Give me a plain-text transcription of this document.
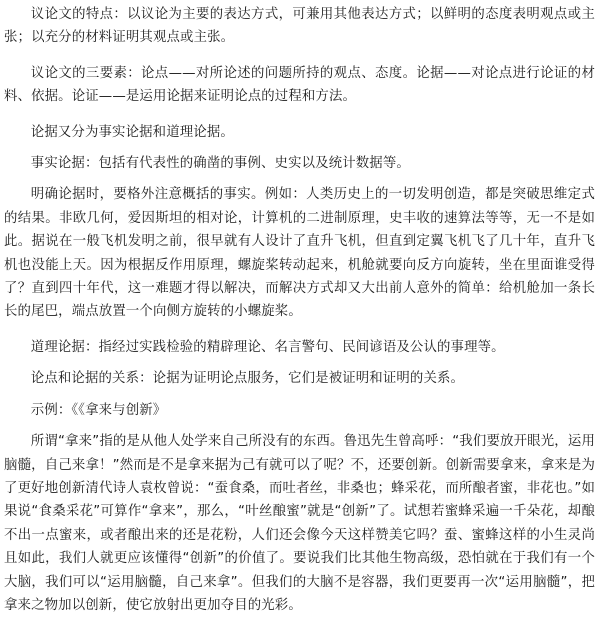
议论文的特点：以议论为主要的表达方式，可兼用其他表达方式；以鲜明的态度表明观点或主张；以充分的材料证明其观点或主张。

议论文的三要素：论点——对所论述的问题所持的观点、态度。论据——对论点进行论证的材料、依据。论证——是运用论据来证明论点的过程和方法。

论据又分为事实论据和道理论据。

事实论据：包括有代表性的确凿的事例、史实以及统计数据等。

明确论据时，要格外注意概括的事实。例如：人类历史上的一切发明创造，都是突破思维定式的结果。非欧几何，爱因斯坦的相对论，计算机的二进制原理，史丰收的速算法等等，无一不是如此。据说在一般飞机发明之前，很早就有人设计了直升飞机，但直到定翼飞机飞了几十年，直升飞机也没能上天。因为根据反作用原理，螺旋桨转动起来，机舱就要向反方向旋转，坐在里面谁受得了？直到四十年代，这一难题才得以解决，而解决方式却又大出前人意外的简单：给机舱加一条长长的尾巴，端点放置一个向侧方旋转的小螺旋桨。

道理论据：指经过实践检验的精辟理论、名言警句、民间谚语及公认的事理等。

论点和论据的关系：论据为证明论点服务，它们是被证明和证明的关系。

示例：《《拿来与创新》

所谓“拿来”指的是从他人处学来自己所没有的东西。鲁迅先生曾高呼：“我们要放开眼光，运用脑髓，自己来拿！”然而是不是拿来据为己有就可以了呢？不，还要创新。创新需要拿来，拿来是为了更好地创新清代诗人袁枚曾说：“蚕食桑，而吐者丝，非桑也；蜂采花，而所酿者蜜，非花也。”如果说“食桑采花”可算作“拿来”，那么，“叶丝酿蜜”就是“创新”了。试想若蜜蜂采遍一千朵花，却酿不出一点蜜来，或者酿出来的还是花粉，人们还会像今天这样赞美它吗？蚕、蜜蜂这样的小生灵尚且如此，我们人就更应该懂得“创新”的价值了。要说我们比其他生物高级，恐怕就在于我们有一个大脑，我们可以“运用脑髓，自己来拿”。但我们的大脑不是容器，我们更要再一次“运用脑髓”，把拿来之物加以创新，使它放射出更加夺目的光彩。
